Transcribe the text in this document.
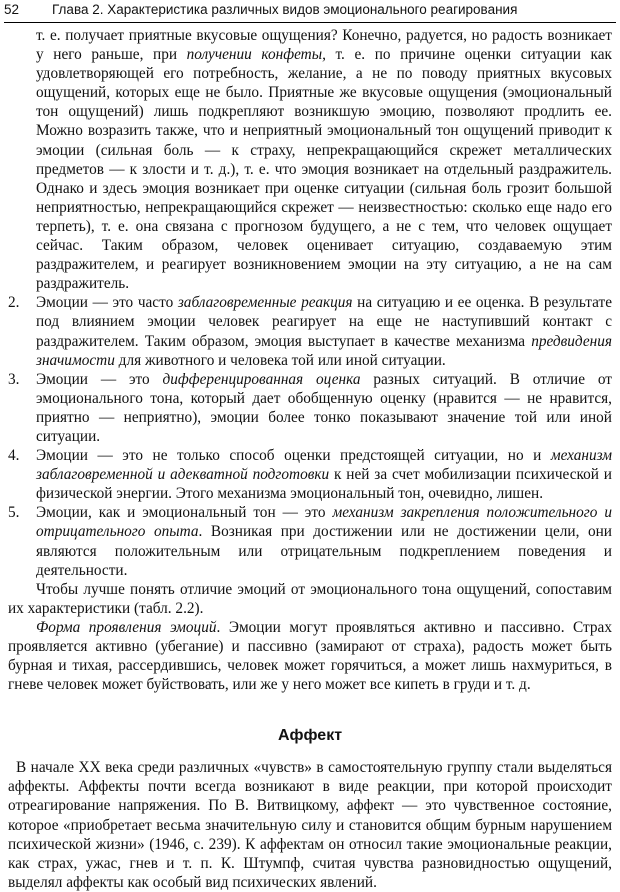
52 Глава 2. Характеристика различных видов эмоционального реагирования

т. е. получает приятные вкусовые ощущения? Конечно, радуется, но радость возникает у него раньше, при получении конфеты, т. е. по причине оценки ситуации как удовлетворяющей его потребность, желание, а не по поводу приятных вкусовых ощущений, которых еще не было. Приятные же вкусовые ощущения (эмоциональный тон ощущений) лишь подкрепляют возникшую эмоцию, позволяют продлить ее. Можно возразить также, что и неприятный эмоциональный тон ощущений приводит к эмоции (сильная боль — к страху, непрекращающийся скрежет металлических предметов — к злости и т. д.), т. е. что эмоция возникает на отдельный раздражитель. Однако и здесь эмоция возникает при оценке ситуации (сильная боль грозит большой неприятностью, непрекращающийся скрежет — неизвестностью: сколько еще надо его терпеть), т. е. она связана с прогнозом будущего, а не с тем, что человек ощущает сейчас. Таким образом, человек оценивает ситуацию, создаваемую этим раздражителем, и реагирует возникновением эмоции на эту ситуацию, а не на сам раздражитель.

2. Эмоции — это часто заблаговременные реакция на ситуацию и ее оценка. В результате под влиянием эмоции человек реагирует на еще не наступивший контакт с раздражителем. Таким образом, эмоция выступает в качестве механизма предвидения значимости для животного и человека той или иной ситуации.

3. Эмоции — это дифференцированная оценка разных ситуаций. В отличие от эмоционального тона, который дает обобщенную оценку (нравится — не нравится, приятно — неприятно), эмоции более тонко показывают значение той или иной ситуации.

4. Эмоции — это не только способ оценки предстоящей ситуации, но и механизм заблаговременной и адекватной подготовки к ней за счет мобилизации психической и физической энергии. Этого механизма эмоциональный тон, очевидно, лишен.

5. Эмоции, как и эмоциональный тон — это механизм закрепления положительного и отрицательного опыта. Возникая при достижении или не достижении цели, они являются положительным или отрицательным подкреплением поведения и деятельности.

Чтобы лучше понять отличие эмоций от эмоционального тона ощущений, сопоставим их характеристики (табл. 2.2).

Форма проявления эмоций. Эмоции могут проявляться активно и пассивно. Страх проявляется активно (убегание) и пассивно (замирают от страха), радость может быть бурная и тихая, рассердившись, человек может горячиться, а может лишь нахмуриться, в гневе человек может буйствовать, или же у него может все кипеть в груди и т. д.

Аффект

В начале XX века среди различных «чувств» в самостоятельную группу стали выделяться аффекты. Аффекты почти всегда возникают в виде реакции, при которой происходит отреагирование напряжения. По В. Витвицкому, аффект — это чувственное состояние, которое «приобретает весьма значительную силу и становится общим бурным нарушением психической жизни» (1946, с. 239). К аффектам он относил такие эмоциональные реакции, как страх, ужас, гнев и т. п. К. Штумпф, считая чувства разновидностью ощущений, выделял аффекты как особый вид психических явлений.
